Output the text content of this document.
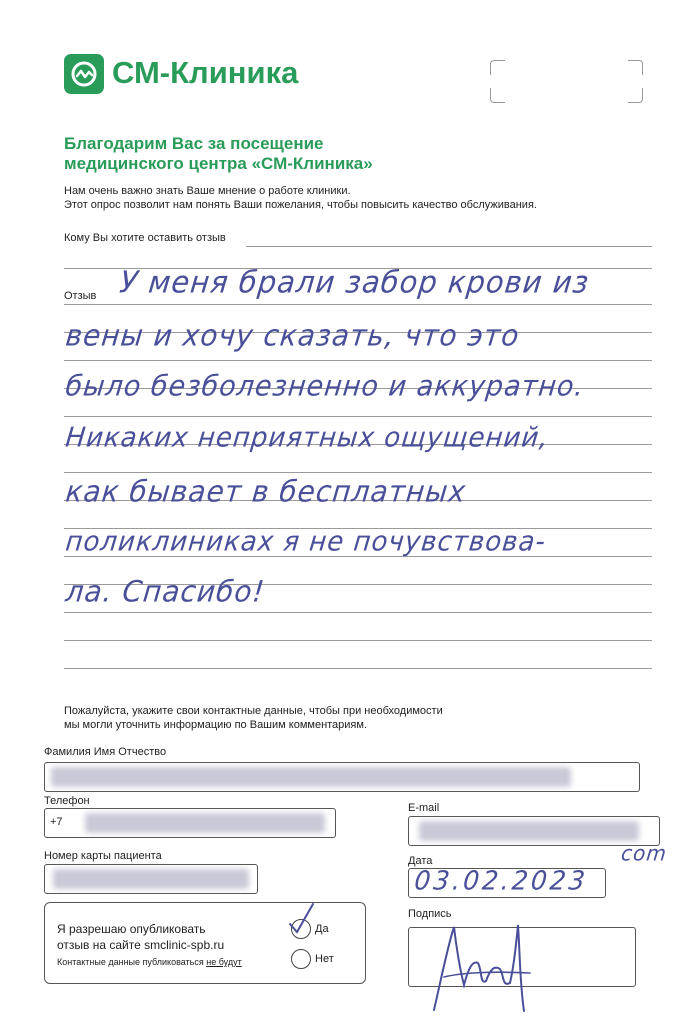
СМ-Клиника
Благодарим Вас за посещение
медицинского центра «СМ-Клиника»
Нам очень важно знать Ваше мнение о работе клиники.
Этот опрос позволит нам понять Ваши пожелания, чтобы повысить качество обслуживания.
Кому Вы хотите оставить отзыв
Отзыв У меня брали забор крови из
вены и хочу сказать, что это
было безболезненно и аккуратно.
Никаких неприятных ощущений,
как бывает в бесплатных
поликлиниках я не почувствова-
ла. Спасибо!
Пожалуйста, укажите свои контактные данные, чтобы при необходимости
мы могли уточнить информацию по Вашим комментариям.
Фамилия Имя Отчество
Телефон
+7
E-mail
com
Номер карты пациента	Дата
03.02.2023
Я разрешаю опубликовать
отзыв на сайте smclinic-spb.ru
Контактные данные публиковаться не будут
Да
Нет
Подпись
